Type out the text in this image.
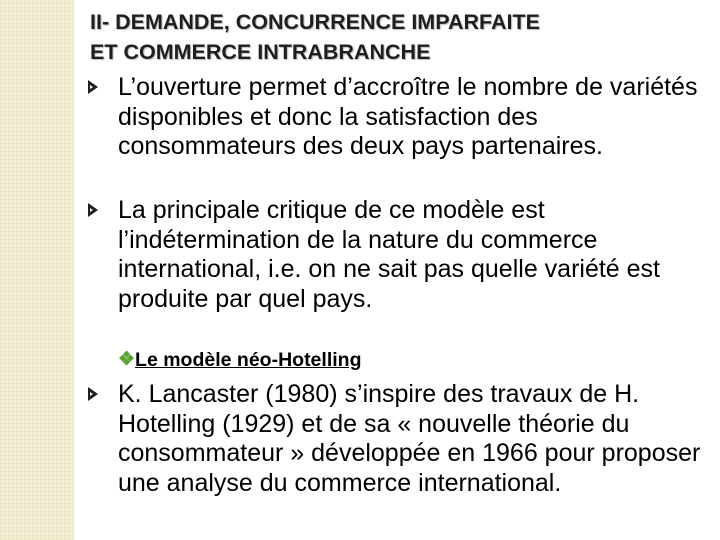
II- DEMANDE, CONCURRENCE IMPARFAITE
ET COMMERCE INTRABRANCHE

L’ouverture permet d’accroître le nombre de variétés disponibles et donc la satisfaction des consommateurs des deux pays partenaires.

La principale critique de ce modèle est l’indétermination de la nature du commerce international, i.e. on ne sait pas quelle variété est produite par quel pays.

❖Le modèle néo-Hotelling

K. Lancaster (1980) s’inspire des travaux de H. Hotelling (1929) et de sa « nouvelle théorie du consommateur » développée en 1966 pour proposer une analyse du commerce international.
